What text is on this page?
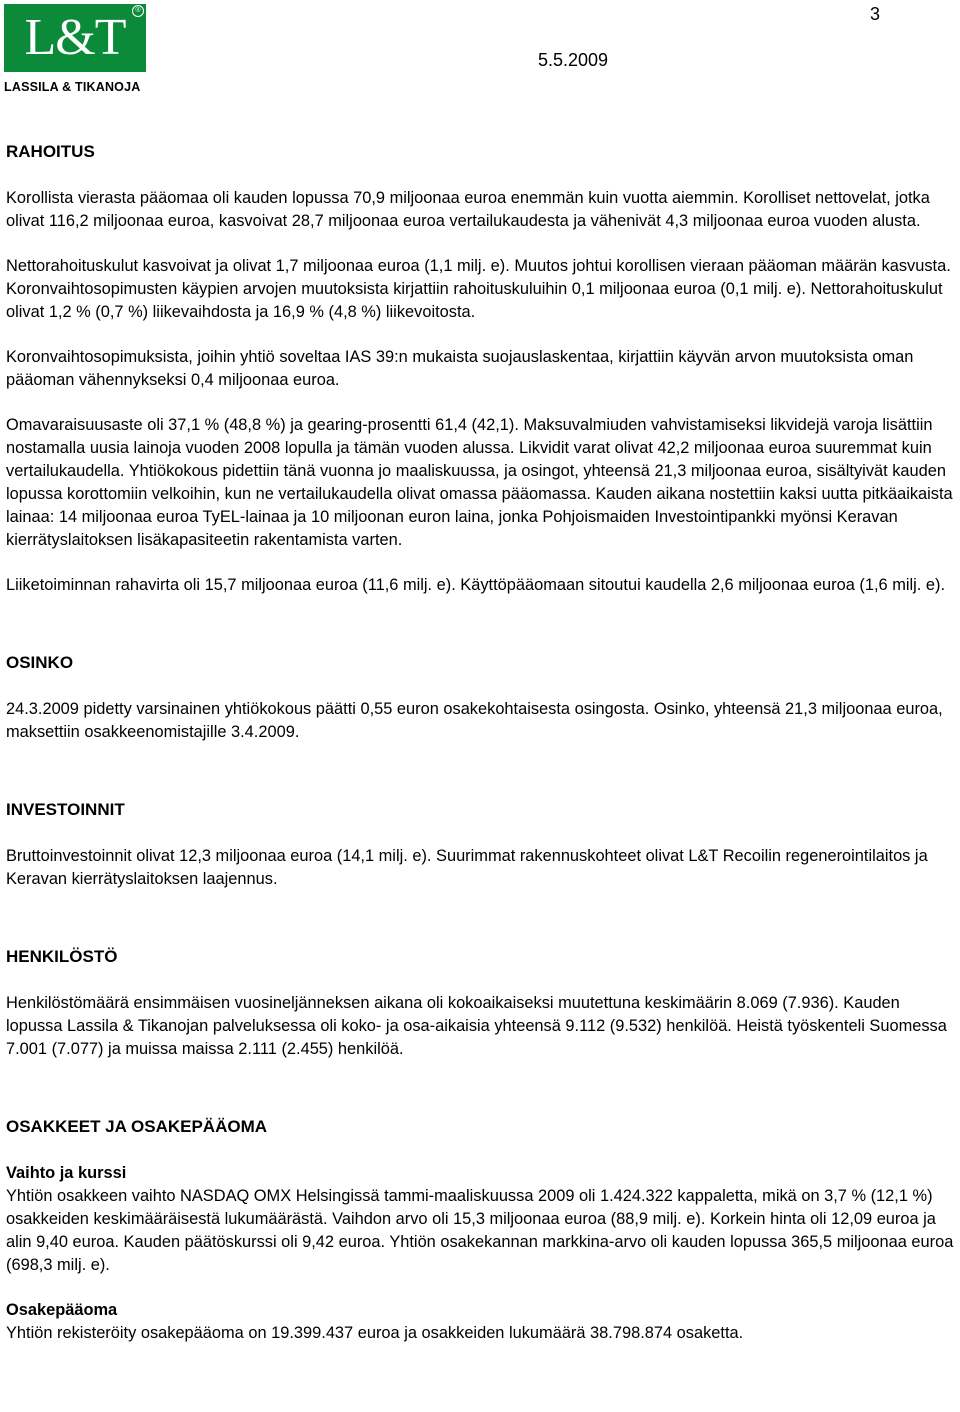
L&T	®
LASSILA & TIKANOJA
3
5.5.2009
RAHOITUS

Korollista vierasta pääomaa oli kauden lopussa 70,9 miljoonaa euroa enemmän kuin vuotta aiemmin. Korolliset nettovelat, jotka olivat 116,2 miljoonaa euroa, kasvoivat 28,7 miljoonaa euroa vertailukaudesta ja vähenivät 4,3 miljoonaa euroa vuoden alusta.

Nettorahoituskulut kasvoivat ja olivat 1,7 miljoonaa euroa (1,1 milj. e). Muutos johtui korollisen vieraan pääoman määrän kasvusta. Koronvaihtosopimusten käypien arvojen muutoksista kirjattiin rahoituskuluihin 0,1 miljoonaa euroa (0,1 milj. e). Nettorahoituskulut olivat 1,2 % (0,7 %) liikevaihdosta ja 16,9 % (4,8 %) liikevoitosta.

Koronvaihtosopimuksista, joihin yhtiö soveltaa IAS 39:n mukaista suojauslaskentaa, kirjattiin käyvän arvon muutoksista oman pääoman vähennykseksi 0,4 miljoonaa euroa.

Omavaraisuusaste oli 37,1 % (48,8 %) ja gearing-prosentti 61,4 (42,1). Maksuvalmiuden vahvistamiseksi likvidejä varoja lisättiin nostamalla uusia lainoja vuoden 2008 lopulla ja tämän vuoden alussa. Likvidit varat olivat 42,2 miljoonaa euroa suuremmat kuin vertailukaudella. Yhtiökokous pidettiin tänä vuonna jo maaliskuussa, ja osingot, yhteensä 21,3 miljoonaa euroa, sisältyivät kauden lopussa korottomiin velkoihin, kun ne vertailukaudella olivat omassa pääomassa. Kauden aikana nostettiin kaksi uutta pitkäaikaista lainaa: 14 miljoonaa euroa TyEL-lainaa ja 10 miljoonan euron laina, jonka Pohjoismaiden Investointipankki myönsi Keravan kierrätyslaitoksen lisäkapasiteetin rakentamista varten.

Liiketoiminnan rahavirta oli 15,7 miljoonaa euroa (11,6 milj. e). Käyttöpääomaan sitoutui kaudella 2,6 miljoonaa euroa (1,6 milj. e).

OSINKO

24.3.2009 pidetty varsinainen yhtiökokous päätti 0,55 euron osakekohtaisesta osingosta. Osinko, yhteensä 21,3 miljoonaa euroa, maksettiin osakkeenomistajille 3.4.2009.

INVESTOINNIT

Bruttoinvestoinnit olivat 12,3 miljoonaa euroa (14,1 milj. e). Suurimmat rakennuskohteet olivat L&T Recoilin regenerointilaitos ja Keravan kierrätyslaitoksen laajennus.

HENKILÖSTÖ

Henkilöstömäärä ensimmäisen vuosineljänneksen aikana oli kokoaikaiseksi muutettuna keskimäärin 8.069 (7.936). Kauden lopussa Lassila & Tikanojan palveluksessa oli koko- ja osa-aikaisia yhteensä 9.112 (9.532) henkilöä. Heistä työskenteli Suomessa 7.001 (7.077) ja muissa maissa 2.111 (2.455) henkilöä.

OSAKKEET JA OSAKEPÄÄOMA

Vaihto ja kurssi

Yhtiön osakkeen vaihto NASDAQ OMX Helsingissä tammi-maaliskuussa 2009 oli 1.424.322 kappaletta, mikä on 3,7 % (12,1 %) osakkeiden keskimääräisestä lukumäärästä. Vaihdon arvo oli 15,3 miljoonaa euroa (88,9 milj. e). Korkein hinta oli 12,09 euroa ja alin 9,40 euroa. Kauden päätöskurssi oli 9,42 euroa. Yhtiön osakekannan markkina-arvo oli kauden lopussa 365,5 miljoonaa euroa (698,3 milj. e).

Osakepääoma

Yhtiön rekisteröity osakepääoma on 19.399.437 euroa ja osakkeiden lukumäärä 38.798.874 osaketta.
